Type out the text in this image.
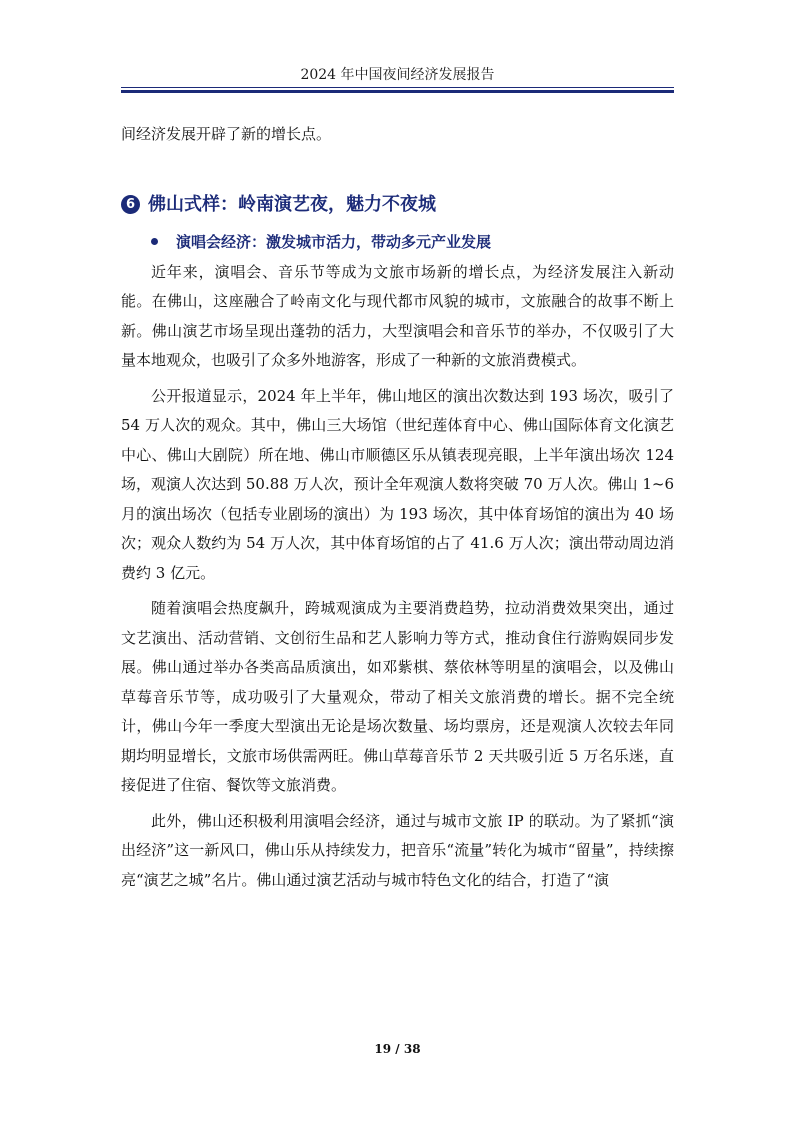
2024 年中国夜间经济发展报告

间经济发展开辟了新的增长点。

6 佛山式样：岭南演艺夜，魅力不夜城
演唱会经济：激发城市活力，带动多元产业发展

近年来，演唱会、音乐节等成为文旅市场新的增长点，为经济发展注入新动能。在佛山，这座融合了岭南文化与现代都市风貌的城市，文旅融合的故事不断上新。佛山演艺市场呈现出蓬勃的活力，大型演唱会和音乐节的举办，不仅吸引了大量本地观众，也吸引了众多外地游客，形成了一种新的文旅消费模式。

公开报道显示，2024 年上半年，佛山地区的演出次数达到 193 场次，吸引了 54 万人次的观众。其中，佛山三大场馆（世纪莲体育中心、佛山国际体育文化演艺中心、佛山大剧院）所在地、佛山市顺德区乐从镇表现亮眼，上半年演出场次 124 场，观演人次达到 50.88 万人次，预计全年观演人数将突破 70 万人次。佛山 1~6 月的演出场次（包括专业剧场的演出）为 193 场次，其中体育场馆的演出为 40 场次；观众人数约为 54 万人次，其中体育场馆的占了 41.6 万人次；演出带动周边消费约 3 亿元。

随着演唱会热度飙升，跨城观演成为主要消费趋势，拉动消费效果突出，通过文艺演出、活动营销、文创衍生品和艺人影响力等方式，推动食住行游购娱同步发展。佛山通过举办各类高品质演出，如邓紫棋、蔡依林等明星的演唱会，以及佛山草莓音乐节等，成功吸引了大量观众，带动了相关文旅消费的增长。据不完全统计，佛山今年一季度大型演出无论是场次数量、场均票房，还是观演人次较去年同期均明显增长，文旅市场供需两旺。佛山草莓音乐节 2 天共吸引近 5 万名乐迷，直接促进了住宿、餐饮等文旅消费。

此外，佛山还积极利用演唱会经济，通过与城市文旅 IP 的联动。为了紧抓“演出经济”这一新风口，佛山乐从持续发力，把音乐“流量”转化为城市“留量”，持续擦亮“演艺之城”名片。佛山通过演艺活动与城市特色文化的结合，打造了“演

19 / 38
